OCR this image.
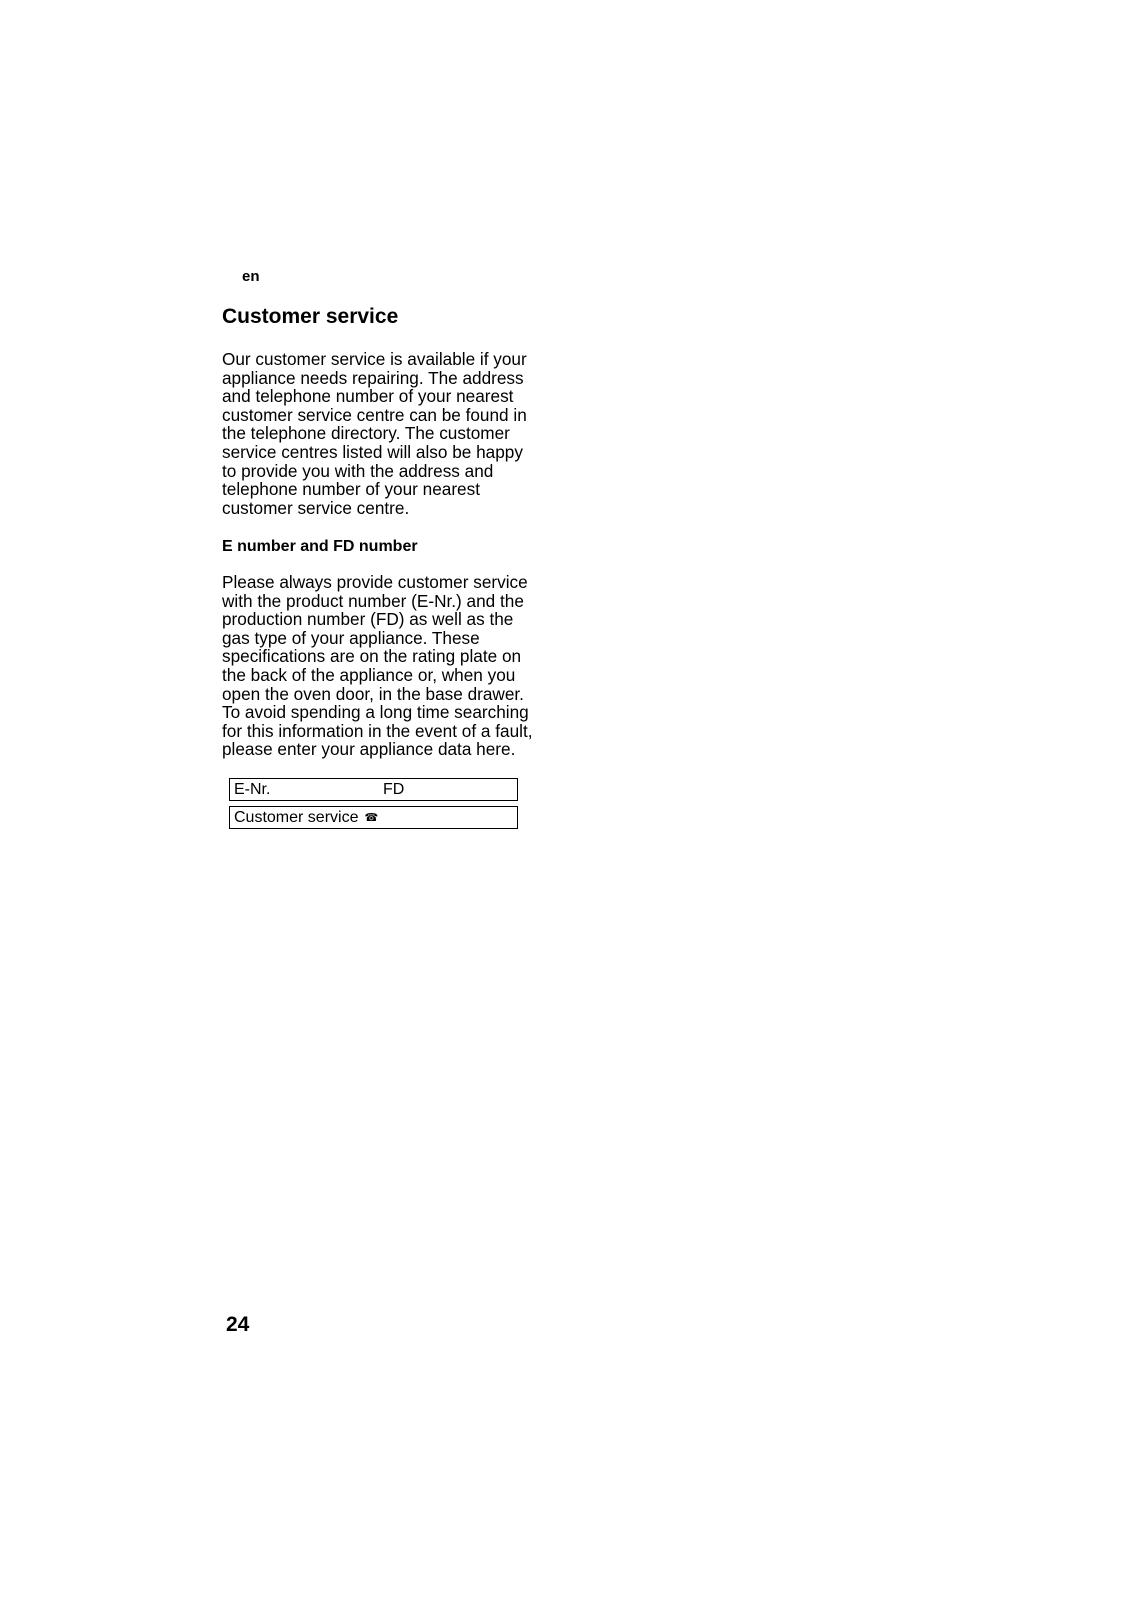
en
Customer service

Our customer service is available if your
appliance needs repairing. The address
and telephone number of your nearest
customer service centre can be found in
the telephone directory. The customer
service centres listed will also be happy
to provide you with the address and
telephone number of your nearest
customer service centre.

E number and FD number

Please always provide customer service
with the product number (E-Nr.) and the
production number (FD) as well as the
gas type of your appliance. These
specifications are on the rating plate on
the back of the appliance or, when you
open the oven door, in the base drawer.
To avoid spending a long time searching
for this information in the event of a fault,
please enter your appliance data here.

E-Nr.	FD
Customer service ☎
24
